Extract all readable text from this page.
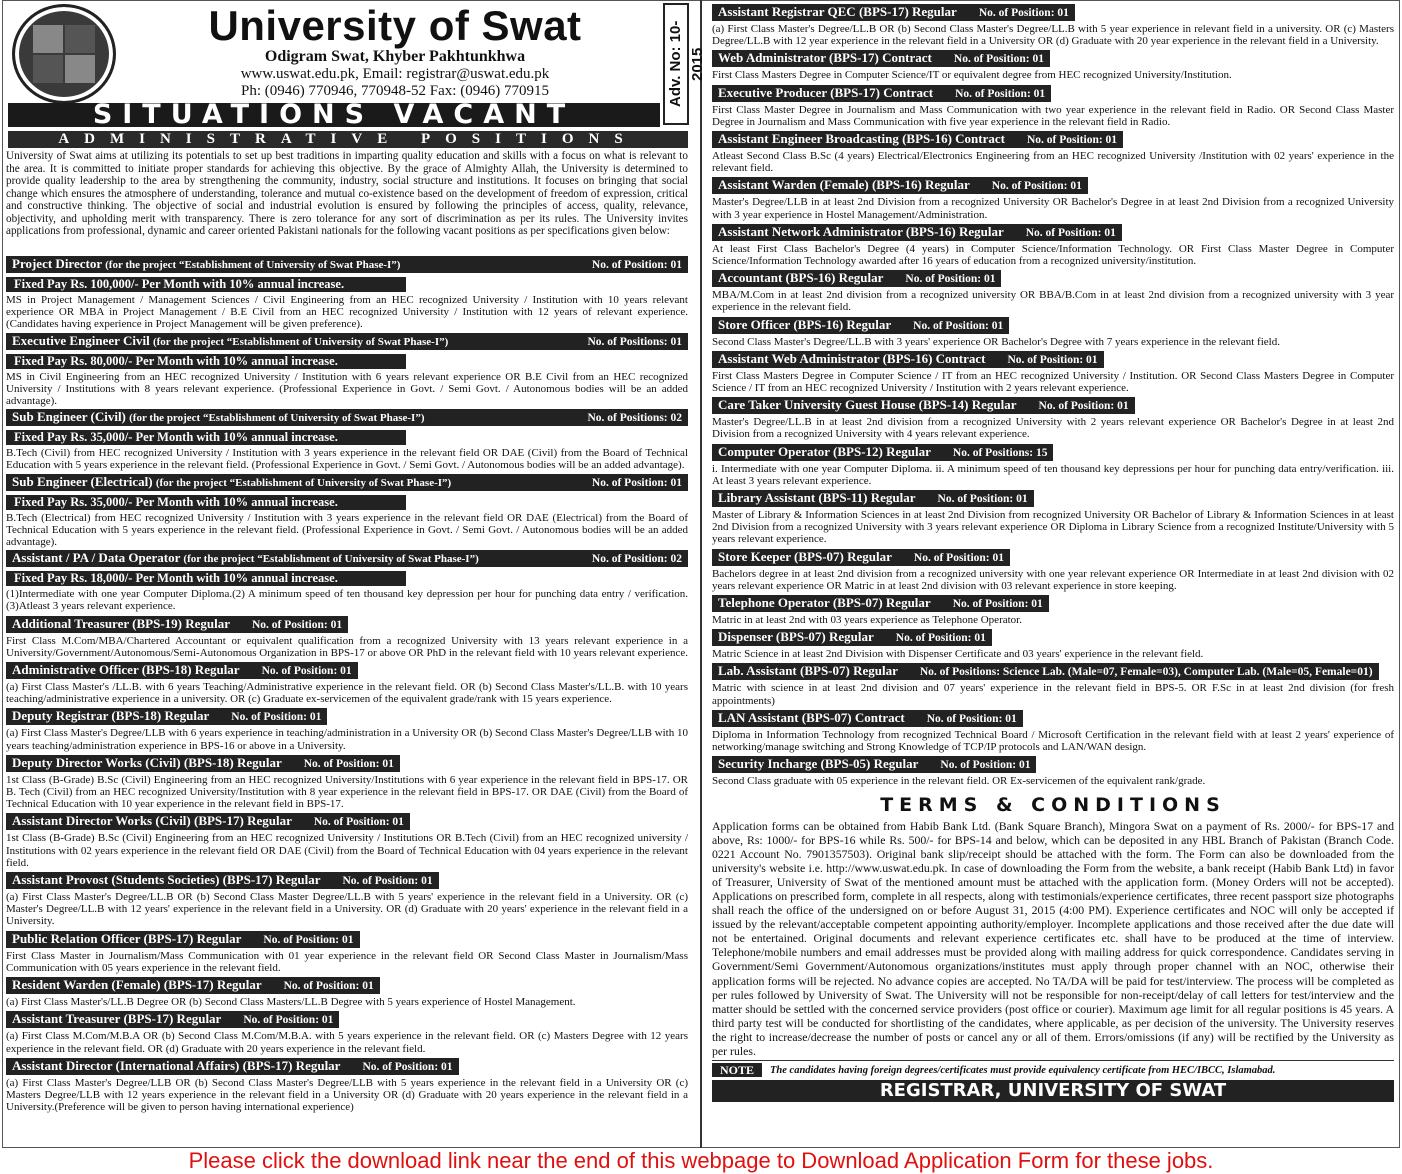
University of Swat
Odigram Swat, Khyber Pakhtunkhwa
www.uswat.edu.pk, Email: registrar@uswat.edu.pk
Ph: (0946) 770946, 770948-52 Fax: (0946) 770915	Adv. No: 10-2015
SITUATIONS VACANT
ADMINISTRATIVE POSITIONS
University of Swat aims at utilizing its potentials to set up best traditions in imparting quality education and skills with a focus on what is relevant to the area. It is committed to initiate proper standards for achieving this objective. By the grace of Almighty Allah, the University is determined to provide quality leadership to the area by strengthening the community, industry, social structure and institutions. It focuses on bringing that social change which ensures the atmosphere of understanding, tolerance and mutual co-existence based on the development of freedom of expression, critical and constructive thinking. The objective of social and industrial evolution is ensured by following the principles of access, quality, relevance, objectivity, and upholding merit with transparency. There is zero tolerance for any sort of discrimination as per its rules. The University invites applications from professional, dynamic and career oriented Pakistani nationals for the following vacant positions as per specifications given below:
Project Director (for the project “Establishment of University of Swat Phase-I”)	No. of Position: 01
Fixed Pay Rs. 100,000/- Per Month with 10% annual increase.
MS in Project Management / Management Sciences / Civil Engineering from an HEC recognized University / Institution with 10 years relevant experience OR MBA in Project Management / B.E Civil from an HEC recognized University / Institution with 12 years of relevant experience. (Candidates having experience in Project Management will be given preference).
Executive Engineer Civil (for the project “Establishment of University of Swat Phase-I”)	No. of Positions: 01
Fixed Pay Rs. 80,000/- Per Month with 10% annual increase.
MS in Civil Engineering from an HEC recognized University / Institution with 6 years relevant experience OR B.E Civil from an HEC recognized University / Institutions with 8 years relevant experience. (Professional Experience in Govt. / Semi Govt. / Autonomous bodies will be an added advantage).
Sub Engineer (Civil) (for the project “Establishment of University of Swat Phase-I”)	No. of Positions: 02
Fixed Pay Rs. 35,000/- Per Month with 10% annual increase.
B.Tech (Civil) from HEC recognized University / Institution with 3 years experience in the relevant field OR DAE (Civil) from the Board of Technical Education with 5 years experience in the relevant field. (Professional Experience in Govt. / Semi Govt. / Autonomous bodies will be an added advantage).
Sub Engineer (Electrical) (for the project “Establishment of University of Swat Phase-I”)	No. of Position: 01
Fixed Pay Rs. 35,000/- Per Month with 10% annual increase.
B.Tech (Electrical) from HEC recognized University / Institution with 3 years experience in the relevant field OR DAE (Electrical) from the Board of Technical Education with 5 years experience in the relevant field. (Professional Experience in Govt. / Semi Govt. / Autonomous bodies will be an added advantage).
Assistant / PA / Data Operator (for the project “Establishment of University of Swat Phase-I”)	No. of Position: 02
Fixed Pay Rs. 18,000/- Per Month with 10% annual increase.
(1)Intermediate with one year Computer Diploma.(2) A minimum speed of ten thousand key depression per hour for punching data entry / verification. (3)Atleast 3 years relevant experience.
Additional Treasurer (BPS-19) Regular No. of Position: 01
First Class M.Com/MBA/Chartered Accountant or equivalent qualification from a recognized University with 13 years relevant experience in a University/Government/Autonomous/Semi-Autonomous Organization in BPS-17 or above OR PhD in the relevant field with 10 years relevant experience.
Administrative Officer (BPS-18) Regular No. of Position: 01
(a) First Class Master's /LL.B. with 6 years Teaching/Administrative experience in the relevant field. OR (b) Second Class Master's/LL.B. with 10 years teaching/administrative experience in a university. OR (c) Graduate ex-servicemen of the equivalent grade/rank with 15 years experience.
Deputy Registrar (BPS-18) Regular No. of Position: 01
(a) First Class Master's Degree/LLB with 6 years experience in teaching/administration in a University OR (b) Second Class Master's Degree/LLB with 10 years teaching/administration experience in BPS-16 or above in a University.
Deputy Director Works (Civil) (BPS-18) Regular No. of Position: 01
1st Class (B-Grade) B.Sc (Civil) Engineering from an HEC recognized University/Institutions with 6 year experience in the relevant field in BPS-17. OR B. Tech (Civil) from an HEC recognized University/Institution with 8 year experience in the relevant field in BPS-17. OR DAE (Civil) from the Board of Technical Education with 10 year experience in the relevant field in BPS-17.
Assistant Director Works (Civil) (BPS-17) Regular No. of Position: 01
1st Class (B-Grade) B.Sc (Civil) Engineering from an HEC recognized University / Institutions OR B.Tech (Civil) from an HEC recognized university / Institutions with 02 years experience in the relevant field OR DAE (Civil) from the Board of Technical Education with 04 years experience in the relevant field.
Assistant Provost (Students Societies) (BPS-17) Regular No. of Position: 01
(a) First Class Master's Degree/LL.B OR (b) Second Class Master Degree/LL.B with 5 years' experience in the relevant field in a University. OR (c) Master's Degree/LL.B with 12 years' experience in the relevant field in a University. OR (d) Graduate with 20 years' experience in the relevant field in a University.
Public Relation Officer (BPS-17) Regular No. of Position: 01
First Class Master in Journalism/Mass Communication with 01 year experience in the relevant field OR Second Class Master in Journalism/Mass Communication with 05 years experience in the relevant field.
Resident Warden (Female) (BPS-17) Regular No. of Position: 01
(a) First Class Master's/LL.B Degree OR (b) Second Class Masters/LL.B Degree with 5 years experience of Hostel Management.
Assistant Treasurer (BPS-17) Regular No. of Position: 01
(a) First Class M.Com/M.B.A OR (b) Second Class M.Com/M.B.A. with 5 years experience in the relevant field. OR (c) Masters Degree with 12 years experience in the relevant field. OR (d) Graduate with 20 years experience in the relevant field.
Assistant Director (International Affairs) (BPS-17) Regular No. of Position: 01
(a) First Class Master's Degree/LLB OR (b) Second Class Master's Degree/LLB with 5 years experience in the relevant field in a University OR (c) Masters Degree/LLB with 12 years experience in the relevant field in a University OR (d) Graduate with 20 years experience in the relevant field in a University.(Preference will be given to person having international experience)
Assistant Registrar QEC (BPS-17) Regular No. of Position: 01
(a) First Class Master's Degree/LL.B OR (b) Second Class Master's Degree/LL.B with 5 year experience in relevant field in a university. OR (c) Masters Degree/LL.B with 12 year experience in the relevant field in a University OR (d) Graduate with 20 year experience in the relevant field in a University.
Web Administrator (BPS-17) Contract No. of Position: 01
First Class Masters Degree in Computer Science/IT or equivalent degree from HEC recognized University/Institution.
Executive Producer (BPS-17) Contract No. of Position: 01
First Class Master Degree in Journalism and Mass Communication with two year experience in the relevant field in Radio. OR Second Class Master Degree in Journalism and Mass Communication with five year experience in the relevant field in Radio.
Assistant Engineer Broadcasting (BPS-16) Contract No. of Position: 01
Atleast Second Class B.Sc (4 years) Electrical/Electronics Engineering from an HEC recognized University /Institution with 02 years' experience in the relevant field.
Assistant Warden (Female) (BPS-16) Regular No. of Position: 01
Master's Degree/LLB in at least 2nd Division from a recognized University OR Bachelor's Degree in at least 2nd Division from a recognized University with 3 year experience in Hostel Management/Administration.
Assistant Network Administrator (BPS-16) Regular No. of Position: 01
At least First Class Bachelor's Degree (4 years) in Computer Science/Information Technology. OR First Class Master Degree in Computer Science/Information Technology awarded after 16 years of education from a recognized university/institution.
Accountant (BPS-16) Regular No. of Position: 01
MBA/M.Com in at least 2nd division from a recognized university OR BBA/B.Com in at least 2nd division from a recognized university with 3 year experience in the relevant field.
Store Officer (BPS-16) Regular No. of Position: 01
Second Class Master's Degree/LL.B with 3 years' experience OR Bachelor's Degree with 7 years experience in the relevant field.
Assistant Web Administrator (BPS-16) Contract No. of Position: 01
First Class Masters Degree in Computer Science / IT from an HEC recognized University / Institution. OR Second Class Masters Degree in Computer Science / IT from an HEC recognized University / Institution with 2 years relevant experience.
Care Taker University Guest House (BPS-14) Regular No. of Position: 01
Master's Degree/LL.B in at least 2nd division from a recognized University with 2 years relevant experience OR Bachelor's Degree in at least 2nd Division from a recognized University with 4 years relevant experience.
Computer Operator (BPS-12) Regular No. of Positions: 15
i. Intermediate with one year Computer Diploma. ii. A minimum speed of ten thousand key depressions per hour for punching data entry/verification. iii. At least 3 years relevant experience.
Library Assistant (BPS-11) Regular No. of Position: 01
Master of Library & Information Sciences in at least 2nd Division from recognized University OR Bachelor of Library & Information Sciences in at least 2nd Division from a recognized University with 3 years relevant experience OR Diploma in Library Science from a recognized Institute/University with 5 years relevant experience.
Store Keeper (BPS-07) Regular No. of Position: 01
Bachelors degree in at least 2nd division from a recognized university with one year relevant experience OR Intermediate in at least 2nd division with 02 years relevant experience OR Matric in at least 2nd division with 03 relevant experience in store keeping.
Telephone Operator (BPS-07) Regular No. of Position: 01
Matric in at least 2nd with 03 years experience as Telephone Operator.
Dispenser (BPS-07) Regular No. of Position: 01
Matric Science in at least 2nd Division with Dispenser Certificate and 03 years' experience in the relevant field.
Lab. Assistant (BPS-07) Regular No. of Positions: Science Lab. (Male=07, Female=03), Computer Lab. (Male=05, Female=01)
Matric with science in at least 2nd division and 07 years' experience in the relevant field in BPS-5. OR F.Sc in at least 2nd division (for fresh appointments)
LAN Assistant (BPS-07) Contract No. of Position: 01
Diploma in Information Technology from recognized Technical Board / Microsoft Certification in the relevant field with at least 2 years' experience of networking/manage switching and Strong Knowledge of TCP/IP protocols and LAN/WAN design.
Security Incharge (BPS-05) Regular No. of Position: 01
Second Class graduate with 05 experience in the relevant field. OR Ex-servicemen of the equivalent rank/grade.
TERMS & CONDITIONS
Application forms can be obtained from Habib Bank Ltd. (Bank Square Branch), Mingora Swat on a payment of Rs. 2000/- for BPS-17 and above, Rs: 1000/- for BPS-16 while Rs. 500/- for BPS-14 and below, which can be deposited in any HBL Branch of Pakistan (Branch Code. 0221 Account No. 7901357503). Original bank slip/receipt should be attached with the form. The Form can also be downloaded from the university's website i.e. http://www.uswat.edu.pk. In case of downloading the Form from the website, a bank receipt (Habib Bank Ltd) in favor of Treasurer, University of Swat of the mentioned amount must be attached with the application form. (Money Orders will not be accepted). Applications on prescribed form, complete in all respects, along with testimonials/experience certificates, three recent passport size photographs shall reach the office of the undersigned on or before August 31, 2015 (4:00 PM). Experience certificates and NOC will only be accepted if issued by the relevant/acceptable competent appointing authority/employer. Incomplete applications and those received after the due date will not be entertained. Original documents and relevant experience certificates etc. shall have to be produced at the time of interview. Telephone/mobile numbers and email addresses must be provided along with mailing address for quick correspondence. Candidates serving in Government/Semi Government/Autonomous organizations/institutes must apply through proper channel with an NOC, otherwise their application forms will be rejected. No advance copies are accepted. No TA/DA will be paid for test/interview. The process will be completed as per rules followed by University of Swat. The University will not be responsible for non-receipt/delay of call letters for test/interview and the matter should be settled with the concerned service providers (post office or courier). Maximum age limit for all regular positions is 45 years. A third party test will be conducted for shortlisting of the candidates, where applicable, as per decision of the university. The University reserves the right to increase/decrease the number of posts or cancel any or all of them. Errors/omissions (if any) will be rectified by the University as per rules.
NOTE	The candidates having foreign degrees/certificates must provide equivalency certificate from HEC/IBCC, Islamabad.
REGISTRAR, UNIVERSITY OF SWAT
Please click the download link near the end of this webpage to Download Application Form for these jobs.
